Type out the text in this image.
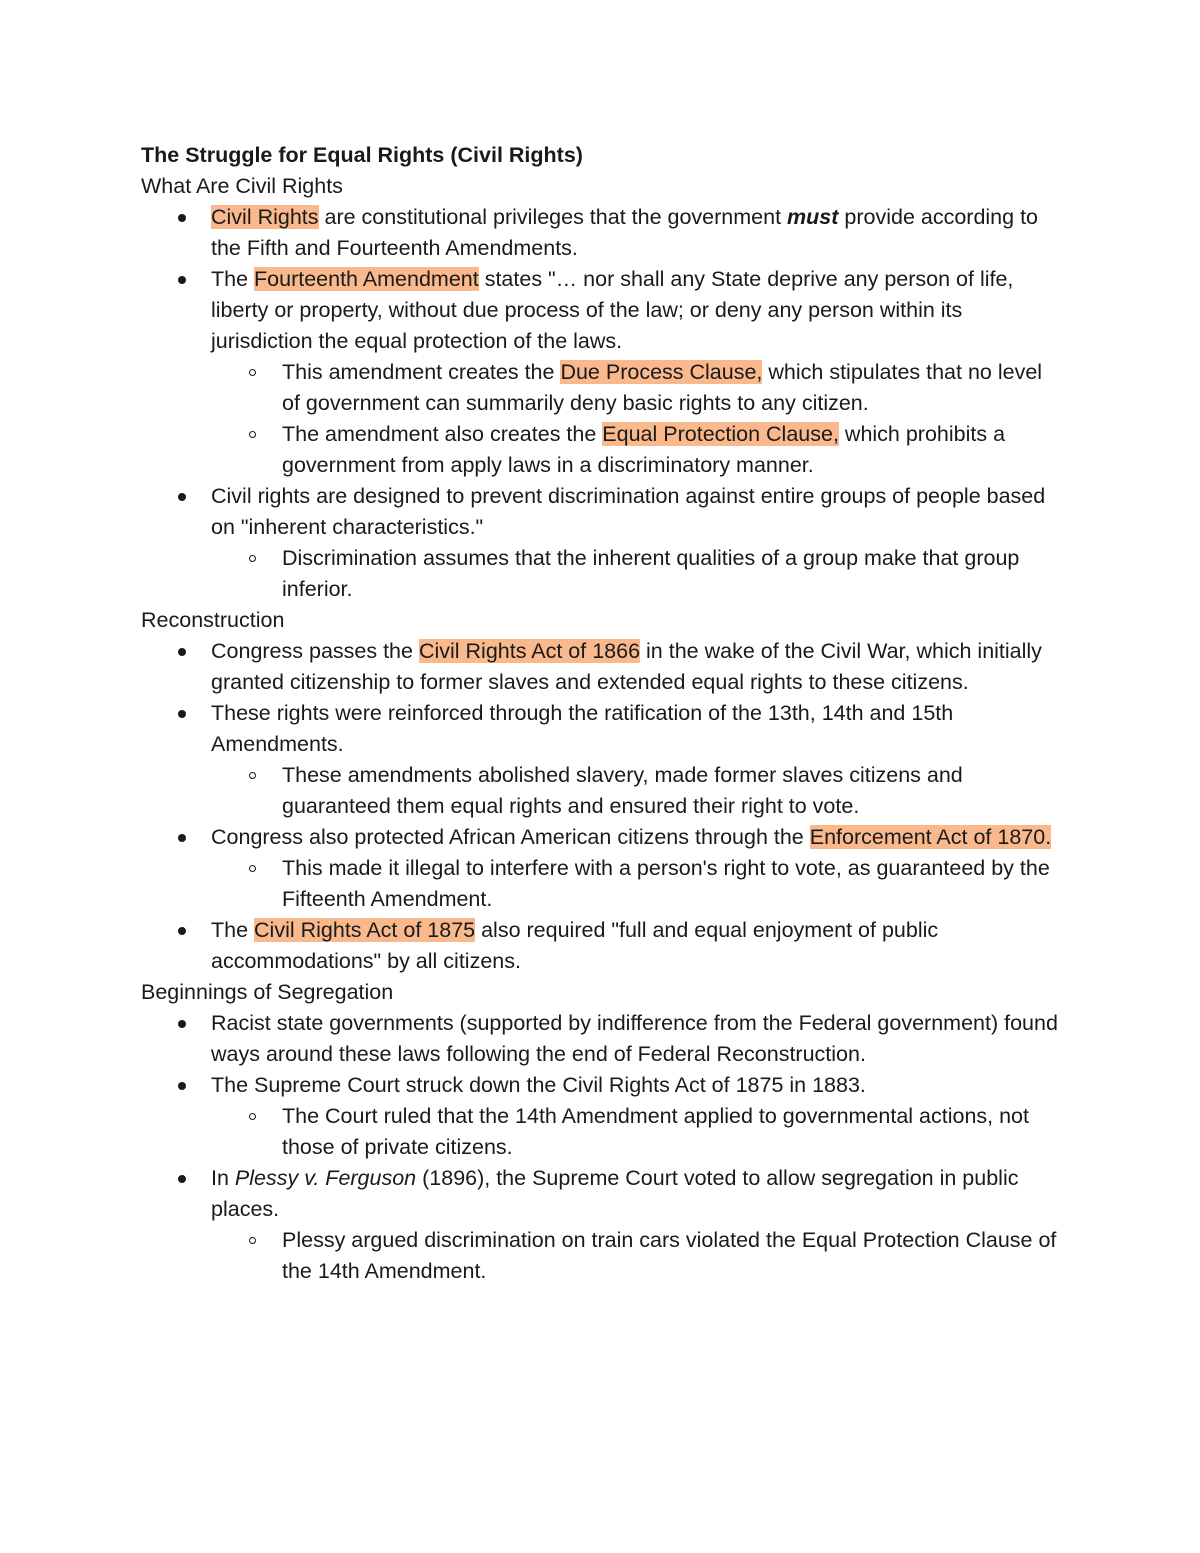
The Struggle for Equal Rights (Civil Rights)

What Are Civil Rights

Civil Rights are constitutional privileges that the government must provide according to the Fifth and Fourteenth Amendments.
The Fourteenth Amendment states "… nor shall any State deprive any person of life, liberty or property, without due process of the law; or deny any person within its jurisdiction the equal protection of the laws.
This amendment creates the Due Process Clause, which stipulates that no level of government can summarily deny basic rights to any citizen.
The amendment also creates the Equal Protection Clause, which prohibits a government from apply laws in a discriminatory manner.
Civil rights are designed to prevent discrimination against entire groups of people based on "inherent characteristics."
Discrimination assumes that the inherent qualities of a group make that group inferior.

Reconstruction

Congress passes the Civil Rights Act of 1866 in the wake of the Civil War, which initially granted citizenship to former slaves and extended equal rights to these citizens.
These rights were reinforced through the ratification of the 13th, 14th and 15th Amendments.
These amendments abolished slavery, made former slaves citizens and guaranteed them equal rights and ensured their right to vote.
Congress also protected African American citizens through the Enforcement Act of 1870.
This made it illegal to interfere with a person's right to vote, as guaranteed by the Fifteenth Amendment.
The Civil Rights Act of 1875 also required "full and equal enjoyment of public accommodations" by all citizens.

Beginnings of Segregation

Racist state governments (supported by indifference from the Federal government) found ways around these laws following the end of Federal Reconstruction.
The Supreme Court struck down the Civil Rights Act of 1875 in 1883.
The Court ruled that the 14th Amendment applied to governmental actions, not those of private citizens.
In Plessy v. Ferguson (1896), the Supreme Court voted to allow segregation in public places.
Plessy argued discrimination on train cars violated the Equal Protection Clause of the 14th Amendment.
